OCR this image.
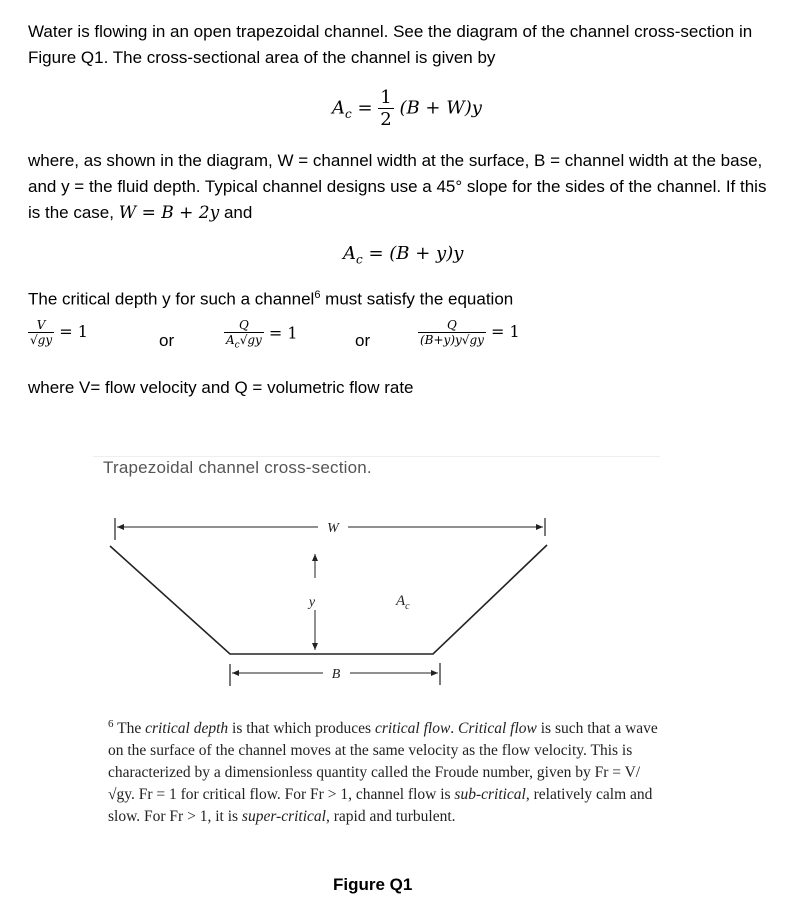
Water is flowing in an open trapezoidal channel. See the diagram of the channel cross-section in Figure Q1. The cross-sectional area of the channel is given by

$A_c = \frac{1}{2} (B + W)y$

where, as shown in the diagram, W = channel width at the surface, B = channel width at the base, and y = the fluid depth. Typical channel designs use a 45° slope for the sides of the channel. If this is the case, W = B + 2y and

$A_c = (B + y)y$

The critical depth y for such a channel$^6$ must satisfy the equation

$\frac{V}{√gy} = 1$	or	$\frac{Q}{A_c√gy} = 1$	or	$\frac{Q}{(B+y)y√gy} = 1$

where V= flow velocity and Q = volumetric flow rate

Trapezoidal channel cross-section.
W
y	$A_c$
B
$^6$ The critical depth is that which produces critical flow. Critical flow is such that a wave on the surface of the channel moves at the same velocity as the flow velocity. This is characterized by a dimensionless quantity called the Froude number, given by Fr = V/√gy. Fr = 1 for critical flow. For Fr > 1, channel flow is sub-critical, relatively calm and slow. For Fr > 1, it is super-critical, rapid and turbulent.
Figure Q1
